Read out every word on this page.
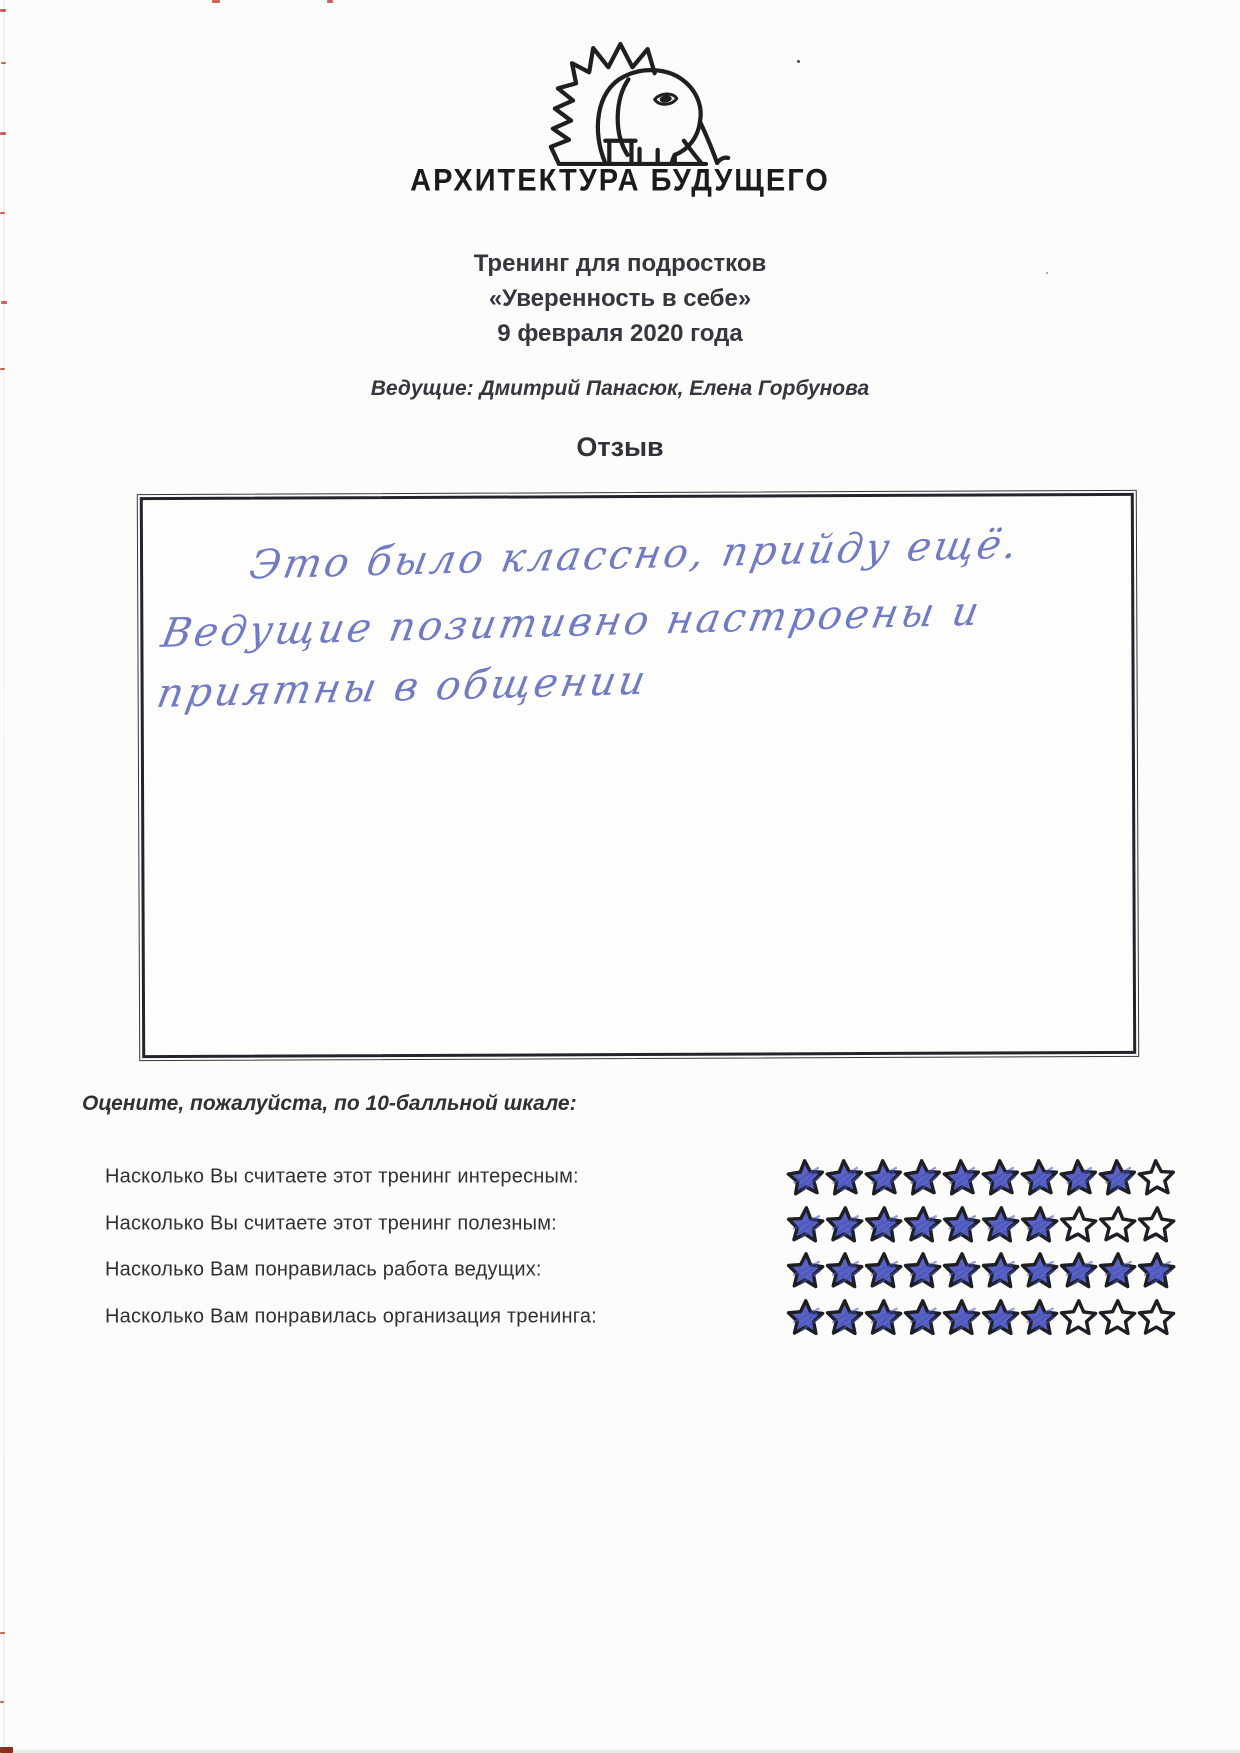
АРХИТЕКТУРА БУДУЩЕГО
Тренинг для подростков
«Уверенность в себе»
9 февраля 2020 года
Ведущие: Дмитрий Панасюк, Елена Горбунова
Отзыв
Это было классно, прийду ещё.
Ведущие позитивно настроены и
приятны в общении
Оцените, пожалуйста, по 10-балльной шкале:
Насколько Вы считаете этот тренинг интересным:
Насколько Вы считаете этот тренинг полезным:
Насколько Вам понравилась работа ведущих:
Насколько Вам понравилась организация тренинга:
